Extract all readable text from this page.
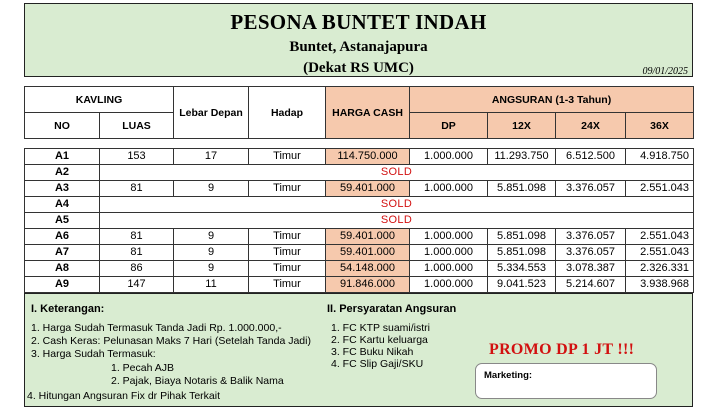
PESONA BUNTET INDAH
Buntet, Astanajapura
(Dekat RS UMC)	09/01/2025
KAVLING		Lebar Depan	Hadap	HARGA CASH	ANGSURAN (1-3 Tahun)			
NO	LUAS				DP	12X	24X	36X
A1	153	17	Timur	114.750.000	1.000.000	11.293.750	6.512.500	4.918.750
A2	SOLD							
A3	81	9	Timur	59.401.000	1.000.000	5.851.098	3.376.057	2.551.043
A4	SOLD							
A5	SOLD							
A6	81	9	Timur	59.401.000	1.000.000	5.851.098	3.376.057	2.551.043
A7	81	9	Timur	59.401.000	1.000.000	5.851.098	3.376.057	2.551.043
A8	86	9	Timur	54.148.000	1.000.000	5.334.553	3.078.387	2.326.331
A9	147	11	Timur	91.846.000	1.000.000	9.041.523	5.214.607	3.938.968
I. Keterangan:
1. Harga Sudah Termasuk Tanda Jadi Rp. 1.000.000,-
2. Cash Keras: Pelunasan Maks 7 Hari (Setelah Tanda Jadi)
3. Harga Sudah Termasuk:
1. Pecah AJB
2. Pajak, Biaya Notaris & Balik Nama
4. Hitungan Angsuran Fix dr Pihak Terkait
II. Persyaratan Angsuran
1. FC KTP suami/istri
2. FC Kartu keluarga
3. FC Buku Nikah
4. FC Slip Gaji/SKU
PROMO DP 1 JT !!!
Marketing:
